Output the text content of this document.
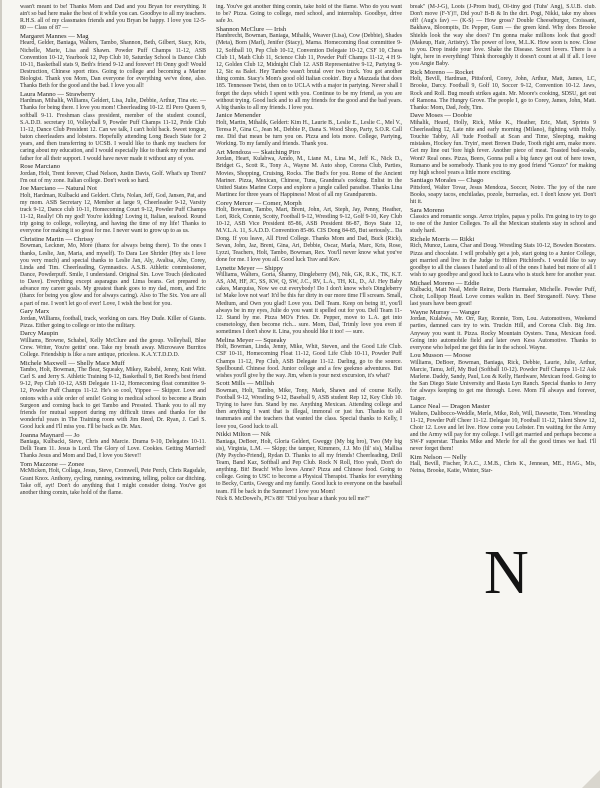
wasn't meant to be! Thanks Mom and Dad and you Bryan for everything. It ain't so bad here make the best of it while you can. Goodbye to all my teachers. R.H.S. all of my classmates friends and you Bryan be happy. I love you 12-5-80 — Class of 87 —
Margaret Mannes — Mag
Heard, Gelder, Baniaga, Walters, Tambo, Shannon, Beth, Gilbert, Stacy, Kris, Nichelle, Marie, Lisa and Shawn. Powder Puff Champs 11-12, ASB Convention 10-12, Yearbook 12, Pep Club 10, Saturday School is Dance Club 10-11, Basketball stats 9, Beth's friend 9-12 and forever! Hi Onny god! Would Destruction, Chinese sport rites. Going to college and becoming a Marine Biologist. Thank you Mom, Dan everyone for everything we've done, also. Thanks Beth for the good and the bad. I love you all!
Laura Manno — Strawberry
Hardman, Mihalik, Williams, Geldert, Lisa, Julie, Debbie, Arthur, Tina etc. — Thanks for being there. I love you mom! Cheerleading 10-12. El Pero Queen 9, softball 9-11. Freshman class president, member of the student council, S.A.D.D. secretary 10, Volleyball 9, Powder Puff Champs 11-12, Pride Club 11-12, Dance Club President 12. Can we talk, I can't hold back. Sweet tongue, baton cheerleaders and lobsters. Hopefully attending Long Beach State for 2 years, and then transferring to UCSB. I would like to thank my teachers for caring about my education, and I would especially like to thank my mother and father for all their support. I would have never made it without any of you.
Rose Marciano
Jordan, Holt, Trent forever, Chad Nelson, Justin Davis, Golf. What's up Trent? I'm out of my zone. Italian college. Don't work so hard.
Joe Marciano — Natural Not
Holt, Hardman, Kulbacki and Geldert. Chris, Nolan, Jeff, God, Jansen, Pat, and my mom. ASB Secretary 12, Member at large 9, Cheerleader 9-12, Varsity track 9-12, Dance club 10-11, Homecoming Court 9-12, Powder Puff Champs 11-12, Really! Oh my god! You're kidding! Loving it, Italian, seafood. Round trip going to college, volleying, and having the time of my life! Thanks to everyone for making it so great for me. I never want to grow up to as us.
Christine Martin — Chrissy
Bowman, Leckner, Mo, More (thanx for always being there). To the ones I thanks, Leslie, Jan, Maria, and myself). To Dara Lee Shrider (Hey sis I love you very much) and special thanks to Leslie Jan, Aly, Avalisa, Abe, Corey, Linda and Tim. Cheerleading, Gymnastics. A.S.B. Athletic commissioner, Dance, Powderpuff. Smile, I understand. Original Sin. Love Touch (dedicated to Dave). Everything except asparagus and Lima beans. Get prepared to advance my career goals. My greatest thank goes to my dad, mom, and Eric (thanx for being you glow and for always caring). Also to The Six. You are all a part of me. I won't let go of ever! Love, I wish the best for you.
Gary Marx
Jordan, Williams, football, track, working on cars. Hey Dude. Killer of Giants. Pizza. Either going to college or into the military.
Darcy Maupin
Williams, Browne, Schabel, Kelly McClure and the group. Volleyball, Blue Crew. Writer, You're gettin' one. Take my breath away. Microwave Burritos College. Friendship is like a rare antique, priceless. K.A.Y.T.D.D.D.
Michele Maxwell — Shelly Mace Muff
Tambo, Holt, Bowman, The Bear, Squeaky, Mikey, Rabehl, Jenny, Knit Whit. Carl S. and Jerry S. Athletic Training 9-12, Basketball 9, Bet Reed's best friend 9-12, Pep Club 10-12, ASB Delegate 11-12, Homecoming float committee 9-12, Powder Puff Champs 11-12. He's so cool, Yippee — Skipper. Love and onions with a side order of smile! Going to medical school to become a Brain Surgeon and coming back to get Tambo and Pressted. Thank you to all my friends for mutual support during my difficult times and thanks for the wonderful years in The Training room with Jim Reed, Dr. Ryan, J. Carl S. Good luck and I'll miss you. I'll be back as Dr. Max.
Joanna Maynard — Jo
Baniaga, Kulbacki, Steve, Chris and Marcie. Drama 9-10, Delegates 10-11. Delli Team 11. Jesus is Lord. The Glory of Love. Cookies. Getting Married! Thanks Jesus and Mom and Dad, I love you Steve!!
Tom Mazzone — Zonee
McMicken, Holt, Collaga, Jesus, Steve, Cromwell, Pete Perch, Chris Ragsdale, Grant Knox. Anthony, cycling, running, swimming, telling, police car ditching. Take off, ayt! Don't do anything that I might consider doing. You've got another thing comin, take hold of the flame.
ing. You've got another thing comin, take hold of the flame. Who do you want to be? Pizza. Going to college, med school, and internship. Goodbye, drive safe Jo.
Shannon McClure — Irish
Hambrecht, Bowman, Baniaga, Mihalik, Weaver (Lisa), Cow (Debbie), Shades (Meta), Born (Marl), Jenifer (Stacy), Marna. Homecoming float committee 9-12, Softball 10, Pep Club 10-12, Convention Delegate 10-12, CSF 10, Chess Club 11, Math Club 11, Science Club 11, Powder Puff Champs 11-12, 4 H 9-12, Golden Club 12, Midnight Club 12. ASB Representative 9-12, Partying 9-12, Sic ea Balet. Hey Tambo wasn't brutal over two truck. You got another thing comin. Stacy's Mom's good old Italian cookin'. Buy a Mazzada that does 185. Tennessee Twist, then on to UCLA with a major in partying. Never shall I forget the days which I spent with you. Continue to be my friend, as you are without trying. Good luck and to all my friends for the good and the bad years. A big thanks to all my friends. I love you.
Janice Menender
Holt, Martin, Mihalik, Geldert: Kim H., Laurie B., Leslie E., Leslie C., Mel V., Teresa P., Gina C., Jean M., Debbie P., Dana S. Wood Shop, Party, S.O.R. Call me. Did that mean be turn you on. Pizza and lots more. College, Partying, Working. To my family and friends. Thank you.
Art Mendoza — Skatching Piro
Jordan, Heart, Kulabwa, Amdo, M., Liane M., Lina M., Jeff K., Nick D., Bridget G., Scott R., Tony A., Wayne M. Auto shop, Corona Club, Parties, Movies, Shopping, Cruising, Rocks. The Bud's for you. Rome of the Ancient Mariner. Pizza, Mexican, Chinese, Tuna, Grandma's cooking. Enlist in the United States Marine Corps and explore a jungle called paradise. Thanks Lina Martinez for three years of Happiness! Most of all my Grandparents.
Corey Mercer — Comer, Morph
Holt, Bowman, Tambo, Mart, Brent, John, Art, Steph, Jay, Penny, Heather, Lori, Rick, Connie, Scotty, Football 9-12, Wrestling 9-12, Golf 9-10, Key Club 10-12, ASB Vice President 85-86, ASB President 86-87, Boys State 12, M.V.L.A. 11, S.A.D.D. Convention 85-86. CIS Dong 84-85, But seriously... Da Dong. If you leave, All Fired College. Thanks Mom and Dad, Buck (Rick), Sevan, John, Jaz, Brent, Gina, Ari, Debbie, Oscar, Marla, Marc, Kris, Rose, Lyzzi, Teachers, Holt, Tambo, Bowman, Rex. You'll never know what you've done for me. I love you all. Good luck Trav and Kev.
Lynette Meyer — Shippy
Williams, Walters, Goria, Shanny, Dingleberry (M), Nik, GK, R.K., TK, K.T. AS, AM, HF, JC, SS, KW, Q, SW, J.C., RV, L.A., TH, KL, D., AJ. Hey Baby cakes, Marquiss, Now we cut everybody! Do I don't know who's Dingleberry is! Make love not war! It'd be this fur dirty in our more time I'll scream. Small, Medium, and Own you glad! Love you. Dell Team. Keep on being it!, you'll always be in my eyes, Julie do you want it spelled out for you. Dell Team 11-12. Stand by me. Pizza MO's Fries. Dr. Pepper, move to L.A. get into cosmetology, then become rich... sure. Mom, Dad, Trimly love you even if sometimes I don't show it. Lina, you should like it too! — sure.
Melina Meyer — Squeaky
Holt, Bowman, Linda, Jenny, Mike, Whit, Steven, and the Good Life Club. CSF 10-11, Homecoming Float 11-12, Good Life Club 10-11, Powder Puff Champs 11-12, Pep Club, ASB Delegate 11-12. Darling, go to the source. Spellbound. Chinese food. Junior college and a few geekmo adventures. But wishes you'll give by the way. Jim, when is your next excursion, it's what?
Scott Mills — Millish
Bowman, Holt, Tambo, Mike, Tony, Mark, Shawn and of course Kelly. Football 9-12, Wrestling 9-12, Baseball 9, ASB student Rep 12, Key Club 10. Trying to have fun. Stand by me. Anything Mexican. Attending college and then anything I want that is illegal, immoral or just fun. Thanks to all teammates and the teachers that wanted the class. Special thanks to Kelly, I love you, Good luck to all.
Nikki Milton — Nik
Baniaga, DeBoer, Holt, Gloria Geldert, Gweggy (My big bro), Two (My big sis), Virginia, L.M. — Skipp; the tamper, Kimmers, J.J. Mo (lil' sis), Mallisa (My Psycho-Friend), Rydan D. Thanks to all my friends! Cheerleading, Drill Team, Band Kaz, Softball and Pep Club. Rock N Roll, Hoo yeah, Don't do anything. Bit! Beach! Who loves Anne? Pizza and Chinese food. Going to college. Going to USC to become a Physical Therapist. Thanks for everything to Becky, Curtis, Gwegy and my family. Good luck to everyone on the baseball team. I'll be back in the Summer! I love you Mom!
Nick 8. McDowel's, PC's 88! "Did you hear a thank you tell me?"
break" (M-J-G), Loots (J-Prom bud), Ol-tiny god (Tuhs' Ang), S.U.B. club. Don't move (F-Y)!!, Did you? B-B & In the dirt. Pogi, Nikki, take my shoes off! (Aug's fav) — (K-S) — How gross? Double Cheeseburger, Croissant, Bakhava, Bloompits, Dr. Pepper, Gum — the green kind. Why does Brooke Shields look the way she does? I'm gonna make millions look that good! (Makeup, Hair, Artistry). The power of love, M.L.K. How soon is now. Close to you. Drop inside your love. Shake the Disease. Secret lovers. There is a light, here in everything! Think thoroughly it doesn't count at all if all. I love you Angie Baby.
Rick Moreno — Rocket
Holt, Bevill, Hardman, Pittsford, Corey, John, Arthur, Matt, James, LC, Brooke, Darcy. Football 9, Golf 10, Soccer 9-12, Convention 10-12. Jaws, Rock and Roll. Bug mouth strikes again. Mr. Moore's cooking, SDSU, get out of Ramona. The Hungry Grove. The people I, go to Corey, James, John, Matt. Thanks: Mom, Dad, Jody, Tim.
Dave Moses — Doobie
Mihalik, Heard, Holly, Rick, Mike K., Heather, Eric, Matt, Sprints 9 Cheerleading 12, Late nite and early morning (Milano), fighting with Holly. Touchie Tabby, All 'tude Football at Scan and Time, Sleeping, making mistakes, Hockey fun. Tryin', meet Brown Dude, Tooth right arm, make more. Get my line out 'fore high fever. Another piece of meat. Toasted bud-soaks, Wont? Real ones. Pizza, Beers, Gonna pull a big fancy get out of here town, Rumano and be somebody. Thank you to my good friend "Gonzo" for making my high school years a little more exciting.
Santiago Morales — Chago
Pittsford, Walter Tovar, Jesus Mendoza, Soccer, Notre. The joy of the rare Books, soapy tacos, enchiladas, pozole, burruelas, ect. I don't know yet. Don't hit it.
Sara Moreno
Classics and romantic songs. Arroz triples, papas y pollo. I'm going to try to go to one of the Junior Colleges. To all the Mexican students stay in school and study hard.
Richele Morris — Rikki
Rich, Munoz, Laura, Char and Doug. Wrestling Stats 10-12, Bowden Boosters. Pizza and chocolate. I will probably get a job, start going to a Junior College, get married and live in the Judge to Hilton Pitchford's. I would like to say goodbye to all the classes I hated and to all of the ones I hated but more of all I wish to say goodbye and good luck to Laura who is stuck here for another year.
Michael Moreno — Eddie
Kulbacki, Matt Neal, Merle Reine, Doris Harmaker, Michelle. Powder Puff, Choir, Lollipop Head. Love comes walkin in. Beef Stroganoff. Navy. These last years have been great!
Wayne Murray — Wanger
Jordan, Kulabwa, Mr. Orr, Ray, Ronnie, Tom, Lou. Automotives, Weekend parties, damned cars try to win. Truckin Hill, and Corona Club. Big Jim. Anyway you want it. Pizza. Rocky Mountain Oysters. Tuna, Mexican food. Going into automobile field and later own Kess Automotive. Thanks to everyone who helped me get this far in the school. Wayne.
Lou Musson — Moose
Williams, DeBoer, Bowman, Baniaga, Rick, Debbie, Laurie, Julie, Arthur, Marcie, Tamu, Jeff, My Bud (Softball 10-12). Powder Puff Champs 11-12 Ask Marlene. Daddy, Sandy, Paul, Lou & Kelly, Hardware, Mexican food. Going to the San Diego State University and Rasta Lyn Ranch. Special thanks to Jerry for always keeping to get me through. Love. Mom I'll always and forever, Taiger.
Lance Neal — Dragon Master
Walters, Dalibocco-Weddle, Merle, Mike, Rob, Will, Dawsette, Tom. Wrestling 11-12, Powder Puff Cheer 11-12. Delegate 10, Football 11-12, Talent Show 12, Choir 12. Love and let live. How come you Lobster. I'm waiting for the Army and the Army will pay for my college. I will get married and perhaps become a SW-F superstar. Thanks Mike and Merle for all the good times we had. I'll never forget them!
Kim Nelson — Nelly
Hall, Bevill, Fischer, P.A.C., J.M.B., Chris K., Jennean, ME., HAG., Mis, Neina, Brooke, Katie, Winter, Star-
N
